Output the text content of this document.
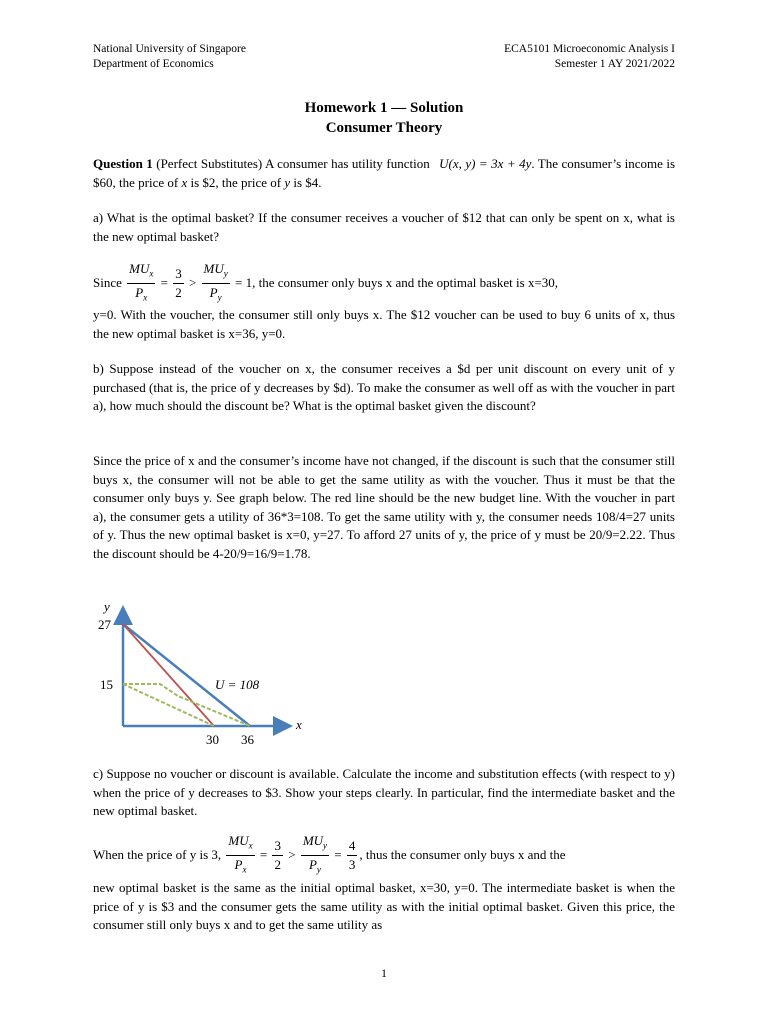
National University of Singapore
Department of Economics
ECA5101 Microeconomic Analysis I
Semester 1 AY 2021/2022
Homework 1 — Solution
Consumer Theory
Question 1 (Perfect Substitutes) A consumer has utility function U(x, y) = 3x + 4y. The consumer’s income is $60, the price of x is $2, the price of y is $4.
a) What is the optimal basket? If the consumer receives a voucher of $12 that can only be spent on x, what is the new optimal basket?
Since $\frac{MU_x}{P_x} = \frac{3}{2} > \frac{MU_y}{P_y} = 1$, the consumer only buys x and the optimal basket is x=30,
y=0. With the voucher, the consumer still only buys x. The $12 voucher can be used to buy 6 units of x, thus the new optimal basket is x=36, y=0.
b) Suppose instead of the voucher on x, the consumer receives a $d per unit discount on every unit of y purchased (that is, the price of y decreases by $d). To make the consumer as well off as with the voucher in part a), how much should the discount be? What is the optimal basket given the discount?
Since the price of x and the consumer’s income have not changed, if the discount is such that the consumer still buys x, the consumer will not be able to get the same utility as with the voucher. Thus it must be that the consumer only buys y. See graph below. The red line should be the new budget line. With the voucher in part a), the consumer gets a utility of 36*3=108. To get the same utility with y, the consumer needs 108/4=27 units of y. Thus the new optimal basket is x=0, y=27. To afford 27 units of y, the price of y must be 20/9=2.22. Thus the discount should be 4-20/9=16/9=1.78.
y
x
27
15
30 36
U = 108
c) Suppose no voucher or discount is available. Calculate the income and substitution effects (with respect to y) when the price of y decreases to $3. Show your steps clearly. In particular, find the intermediate basket and the new optimal basket.
When the price of y is 3, $\frac{MU_x}{P_x} = \frac{3}{2} > \frac{MU_y}{P_y} = \frac{4}{3}$ , thus the consumer only buys x and the
new optimal basket is the same as the initial optimal basket, x=30, y=0. The intermediate basket is when the price of y is $3 and the consumer gets the same utility as with the initial optimal basket. Given this price, the consumer still only buys x and to get the same utility as
1
